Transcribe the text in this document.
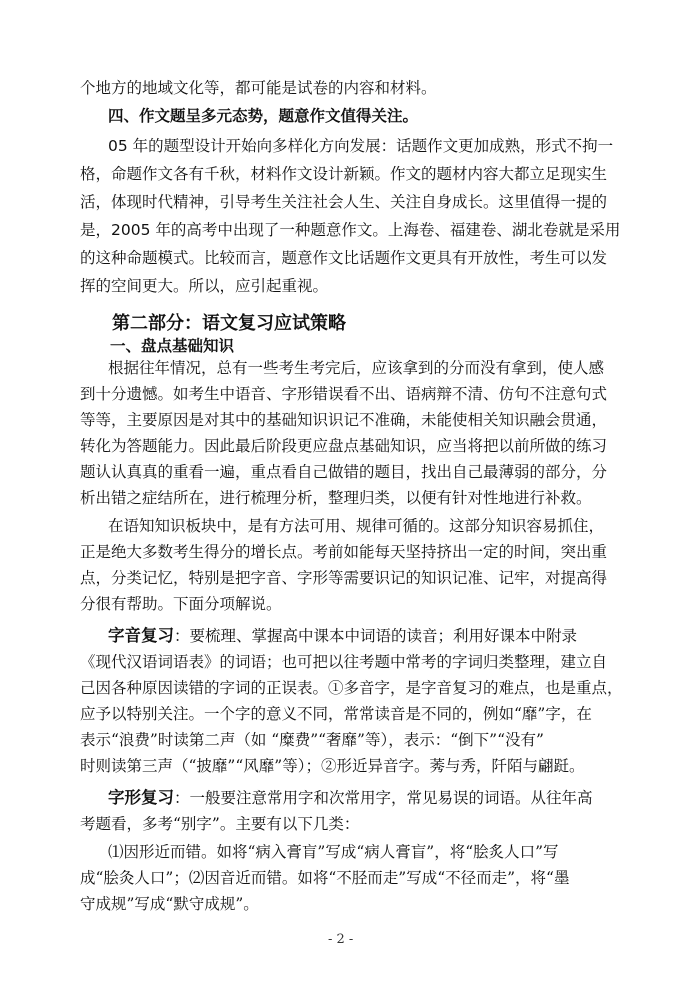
个地方的地域文化等，都可能是试卷的内容和材料。
四、作文题呈多元态势，题意作文值得关注。
05 年的题型设计开始向多样化方向发展：话题作文更加成熟，形式不拘一
格，命题作文各有千秋，材料作文设计新颖。作文的题材内容大都立足现实生
活，体现时代精神，引导考生关注社会人生、关注自身成长。这里值得一提的
是，2005 年的高考中出现了一种题意作文。上海卷、福建卷、湖北卷就是采用
的这种命题模式。比较而言，题意作文比话题作文更具有开放性，考生可以发
挥的空间更大。所以，应引起重视。
第二部分：语文复习应试策略
一、盘点基础知识
根据往年情况，总有一些考生考完后，应该拿到的分而没有拿到，使人感
到十分遗憾。如考生中语音、字形错误看不出、语病辩不清、仿句不注意句式
等等，主要原因是对其中的基础知识识记不准确，未能使相关知识融会贯通，
转化为答题能力。因此最后阶段更应盘点基础知识，应当将把以前所做的练习
题认认真真的重看一遍，重点看自己做错的题目，找出自己最薄弱的部分，分
析出错之症结所在，进行梳理分析，整理归类，以便有针对性地进行补救。
在语知知识板块中，是有方法可用、规律可循的。这部分知识容易抓住，
正是绝大多数考生得分的增长点。考前如能每天坚持挤出一定的时间，突出重
点，分类记忆，特别是把字音、字形等需要识记的知识记准、记牢，对提高得
分很有帮助。下面分项解说。
字音复习：要梳理、掌握高中课本中词语的读音；利用好课本中附录
《现代汉语词语表》的词语；也可把以往考题中常考的字词归类整理，建立自
己因各种原因读错的字词的正误表。①多音字，是字音复习的难点，也是重点，
应予以特别关注。一个字的意义不同，常常读音是不同的，例如“靡”字，在
表示“浪费”时读第二声（如 “糜费”“奢靡”等），表示：“倒下”“没有”
时则读第三声（“披靡”“风靡”等）；②形近异音字。莠与秀，阡陌与翩跹。
字形复习：一般要注意常用字和次常用字，常见易误的词语。从往年高
考题看，多考“别字”。主要有以下几类：
⑴因形近而错。如将“病入膏肓”写成“病人膏盲”，将“脍炙人口”写
成“脍灸人口”；⑵因音近而错。如将“不胫而走”写成“不径而走”，将“墨
守成规”写成“默守成规”。
- 2 -
